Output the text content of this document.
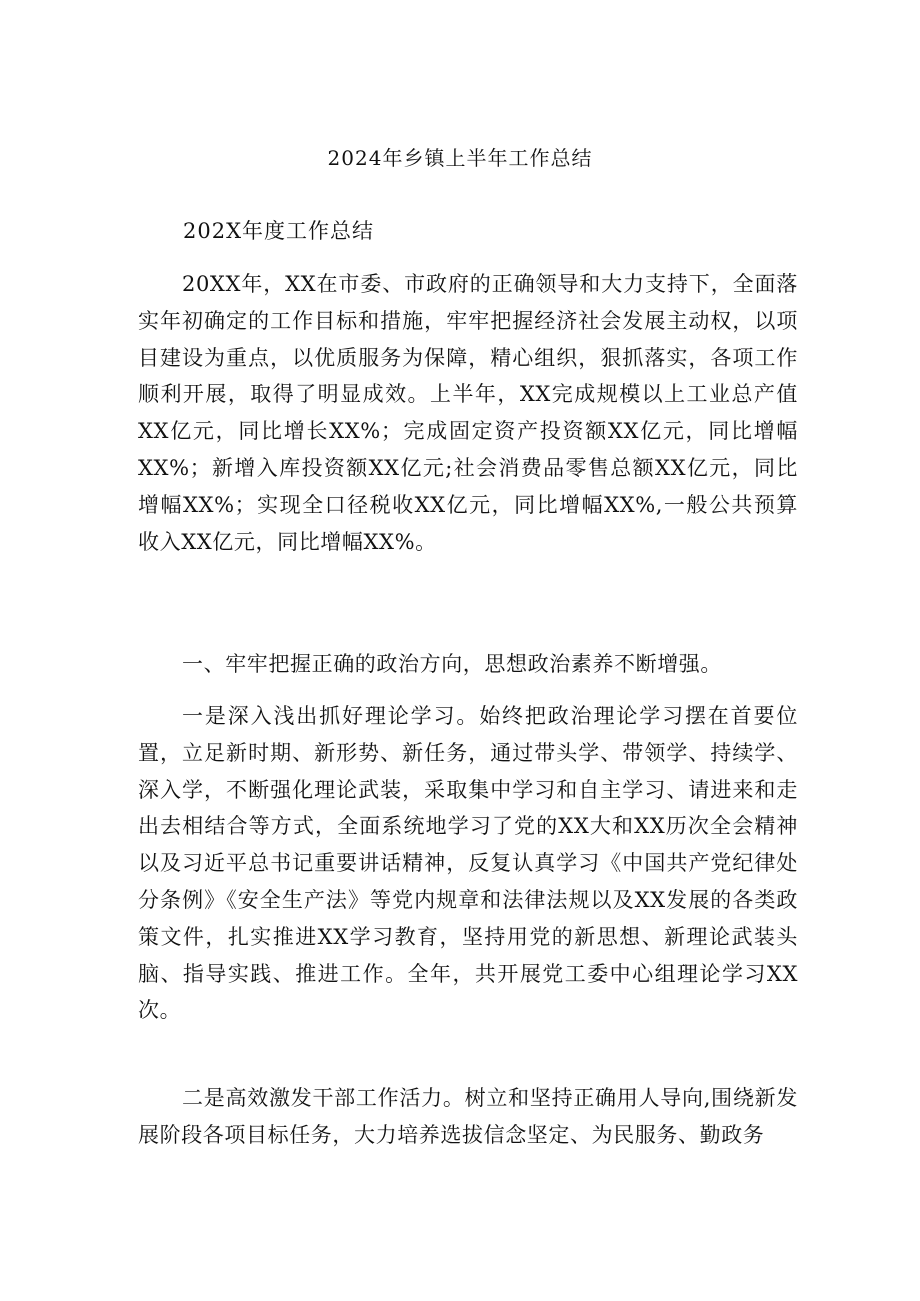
2024年乡镇上半年工作总结
202X年度工作总结

20XX年，XX在市委、市政府的正确领导和大力支持下，全面落实年初确定的工作目标和措施，牢牢把握经济社会发展主动权，以项目建设为重点，以优质服务为保障，精心组织，狠抓落实，各项工作顺利开展，取得了明显成效。上半年，XX完成规模以上工业总产值XX亿元，同比增长XX%；完成固定资产投资额XX亿元，同比增幅XX%；新增入库投资额XX亿元;社会消费品零售总额XX亿元，同比增幅XX%；实现全口径税收XX亿元，同比增幅XX%,一般公共预算收入XX亿元，同比增幅XX%。

一、牢牢把握正确的政治方向，思想政治素养不断增强。

一是深入浅出抓好理论学习。始终把政治理论学习摆在首要位置，立足新时期、新形势、新任务，通过带头学、带领学、持续学、深入学，不断强化理论武装，采取集中学习和自主学习、请进来和走出去相结合等方式，全面系统地学习了党的XX大和XX历次全会精神以及习近平总书记重要讲话精神，反复认真学习《中国共产党纪律处分条例》《安全生产法》等党内规章和法律法规以及XX发展的各类政策文件，扎实推进XX学习教育，坚持用党的新思想、新理论武装头脑、指导实践、推进工作。全年，共开展党工委中心组理论学习XX次。

二是高效激发干部工作活力。树立和坚持正确用人导向,围绕新发展阶段各项目标任务，大力培养选拔信念坚定、为民服务、勤政务
